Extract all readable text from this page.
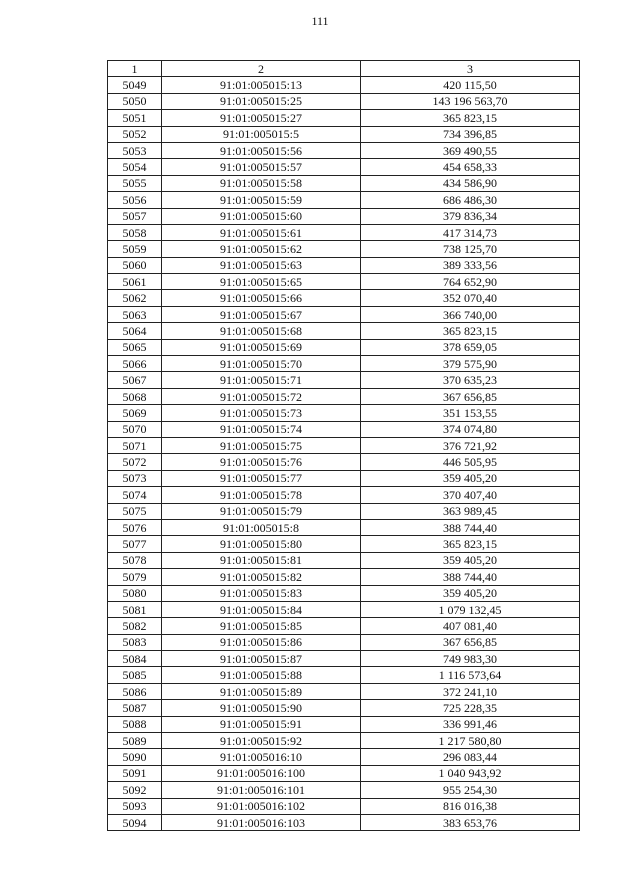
111
1	2	3
5049	91:01:005015:13	420 115,50
5050	91:01:005015:25	143 196 563,70
5051	91:01:005015:27	365 823,15
5052	91:01:005015:5	734 396,85
5053	91:01:005015:56	369 490,55
5054	91:01:005015:57	454 658,33
5055	91:01:005015:58	434 586,90
5056	91:01:005015:59	686 486,30
5057	91:01:005015:60	379 836,34
5058	91:01:005015:61	417 314,73
5059	91:01:005015:62	738 125,70
5060	91:01:005015:63	389 333,56
5061	91:01:005015:65	764 652,90
5062	91:01:005015:66	352 070,40
5063	91:01:005015:67	366 740,00
5064	91:01:005015:68	365 823,15
5065	91:01:005015:69	378 659,05
5066	91:01:005015:70	379 575,90
5067	91:01:005015:71	370 635,23
5068	91:01:005015:72	367 656,85
5069	91:01:005015:73	351 153,55
5070	91:01:005015:74	374 074,80
5071	91:01:005015:75	376 721,92
5072	91:01:005015:76	446 505,95
5073	91:01:005015:77	359 405,20
5074	91:01:005015:78	370 407,40
5075	91:01:005015:79	363 989,45
5076	91:01:005015:8	388 744,40
5077	91:01:005015:80	365 823,15
5078	91:01:005015:81	359 405,20
5079	91:01:005015:82	388 744,40
5080	91:01:005015:83	359 405,20
5081	91:01:005015:84	1 079 132,45
5082	91:01:005015:85	407 081,40
5083	91:01:005015:86	367 656,85
5084	91:01:005015:87	749 983,30
5085	91:01:005015:88	1 116 573,64
5086	91:01:005015:89	372 241,10
5087	91:01:005015:90	725 228,35
5088	91:01:005015:91	336 991,46
5089	91:01:005015:92	1 217 580,80
5090	91:01:005016:10	296 083,44
5091	91:01:005016:100	1 040 943,92
5092	91:01:005016:101	955 254,30
5093	91:01:005016:102	816 016,38
5094	91:01:005016:103	383 653,76
